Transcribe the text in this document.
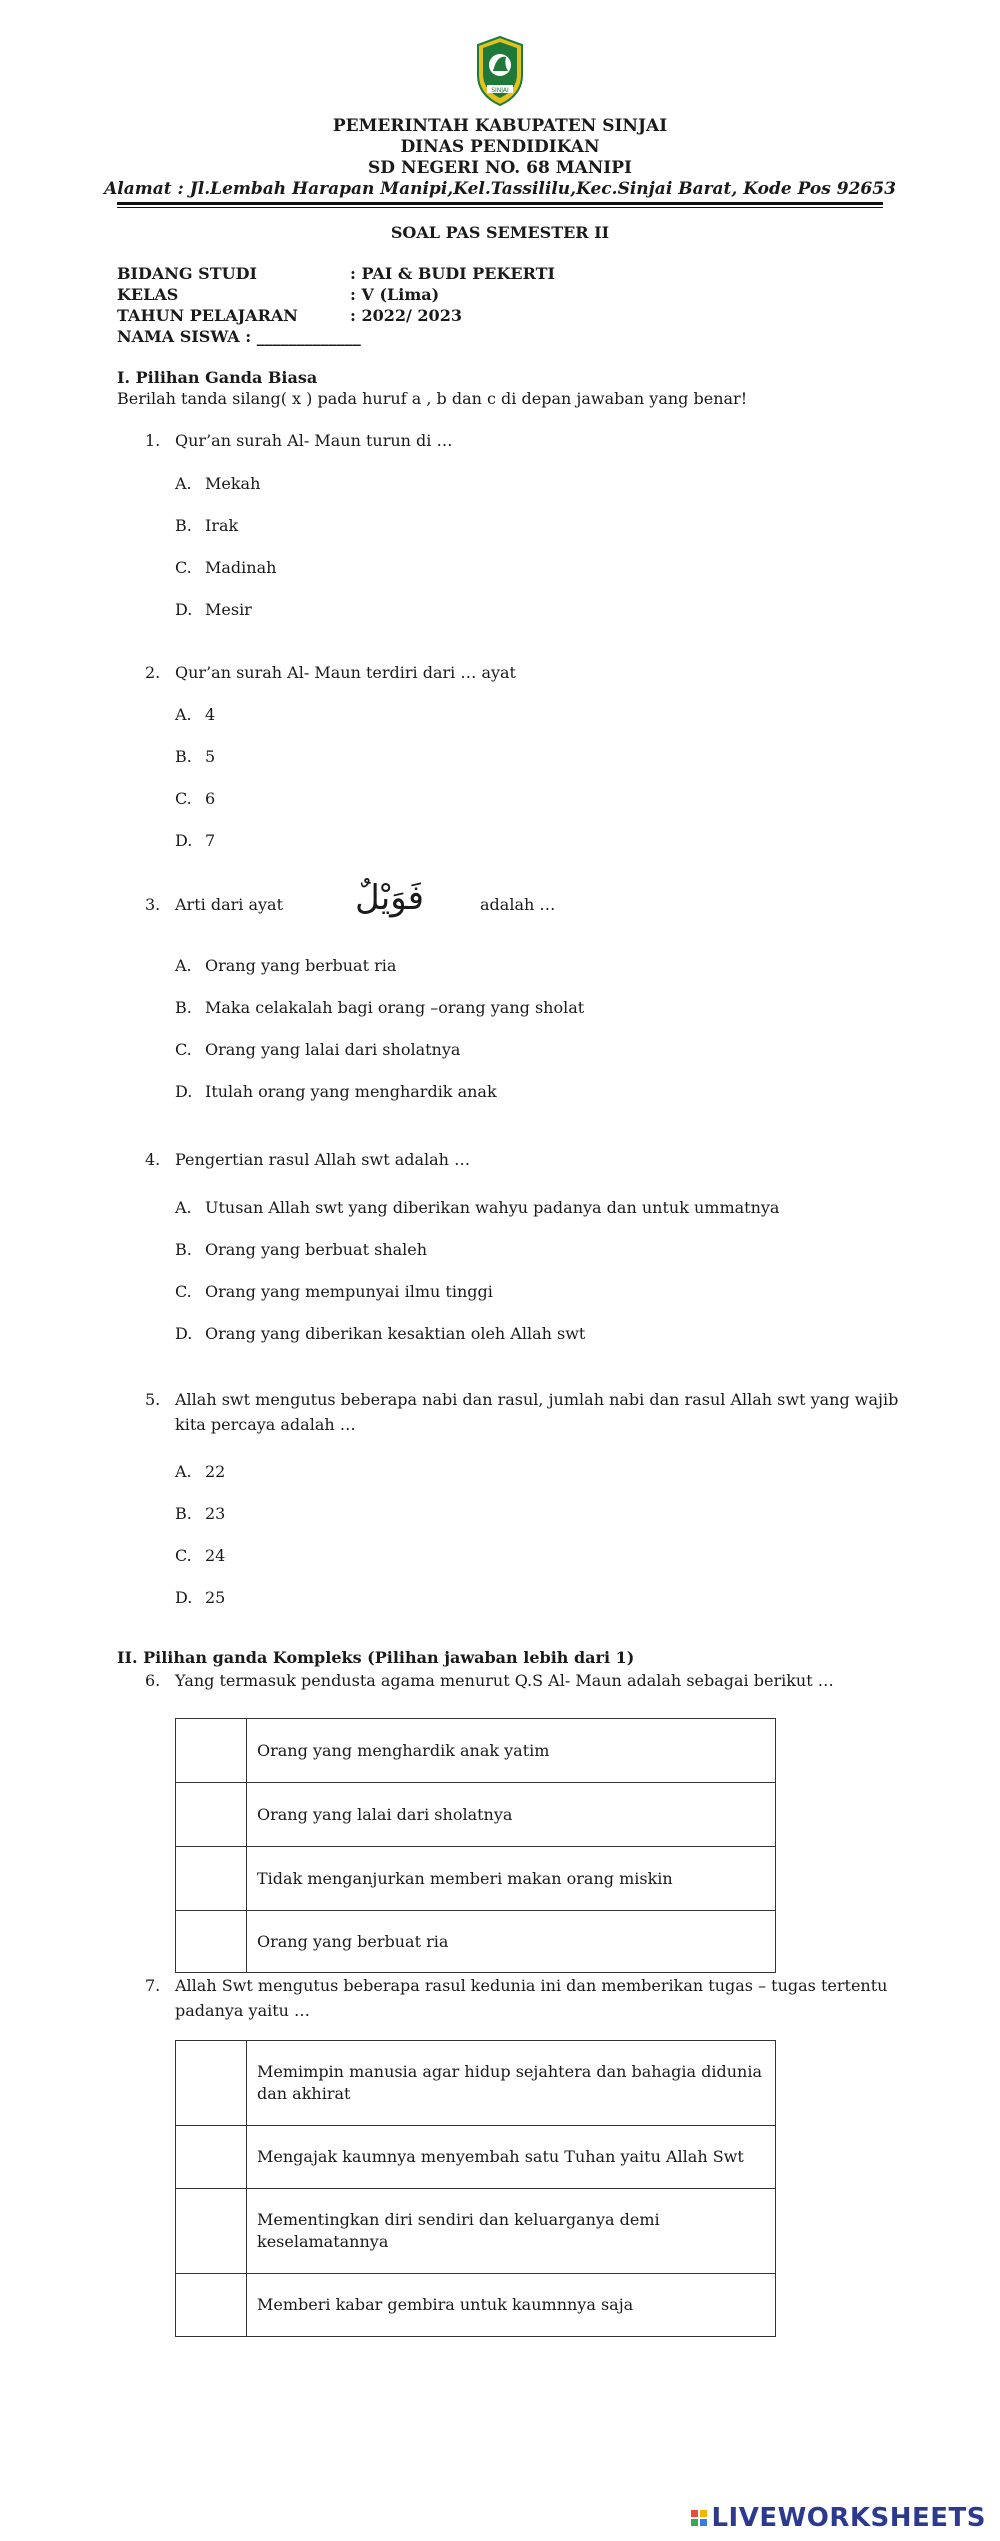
SINJAI
PEMERINTAH KABUPATEN SINJAI
DINAS PENDIDIKAN
SD NEGERI NO. 68 MANIPI
Alamat : Jl.Lembah Harapan Manipi,Kel.Tassililu,Kec.Sinjai Barat, Kode Pos 92653
SOAL PAS SEMESTER II
BIDANG STUDI	: PAI & BUDI PEKERTI
KELAS	: V (Lima)
TAHUN PELAJARAN	: 2022/ 2023
NAMA SISWA : _____________
I. Pilihan Ganda Biasa
Berilah tanda silang( x ) pada huruf a , b dan c di depan jawaban yang benar!
1. Qur’an surah Al- Maun turun di …
A. Mekah
B. Irak
C. Madinah
D. Mesir
2. Qur’an surah Al- Maun terdiri dari … ayat
A. 4
B. 5
C. 6
D. 7
3. Arti dari ayat فَوَيْلٌ	adalah …
A. Orang yang berbuat ria
B. Maka celakalah bagi orang –orang yang sholat
C. Orang yang lalai dari sholatnya
D. Itulah orang yang menghardik anak
4. Pengertian rasul Allah swt adalah …
A. Utusan Allah swt yang diberikan wahyu padanya dan untuk ummatnya
B. Orang yang berbuat shaleh
C. Orang yang mempunyai ilmu tinggi
D. Orang yang diberikan kesaktian oleh Allah swt
5. Allah swt mengutus beberapa nabi dan rasul, jumlah nabi dan rasul Allah swt yang wajib
kita percaya adalah …
A. 22
B. 23
C. 24
D. 25
II. Pilihan ganda Kompleks (Pilihan jawaban lebih dari 1)
6. Yang termasuk pendusta agama menurut Q.S Al- Maun adalah sebagai berikut …
	Orang yang menghardik anak yatim
	Orang yang lalai dari sholatnya
	Tidak menganjurkan memberi makan orang miskin
	Orang yang berbuat ria
7. Allah Swt mengutus beberapa rasul kedunia ini dan memberikan tugas – tugas tertentu
padanya yaitu …

	Memimpin manusia agar hidup sejahtera dan bahagia didunia
dan akhirat

	Mengajak kaumnya menyembah satu Tuhan yaitu Allah Swt

	Mementingkan diri sendiri dan keluarganya demi
keselamatannya

	Memberi kabar gembira untuk kaumnnya saja
LIVEWORKSHEETS
